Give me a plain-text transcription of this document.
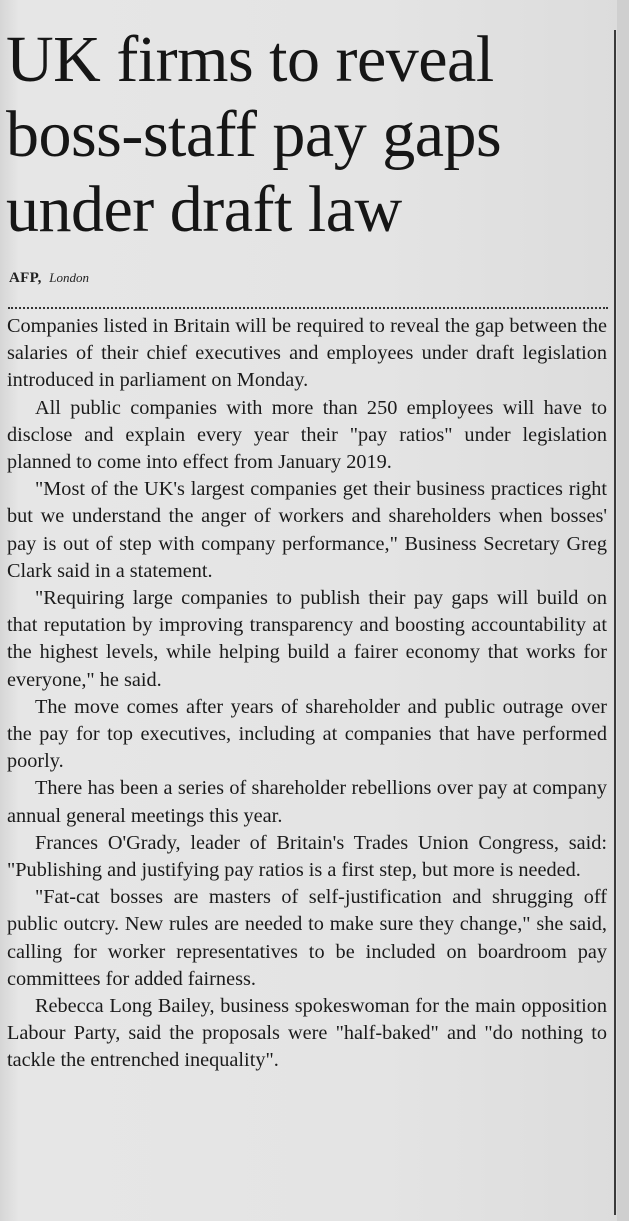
UK firms to reveal boss-staff pay gaps under draft law
AFP, London

Companies listed in Britain will be required to reveal the gap between the salaries of their chief executives and employees under draft legislation introduced in parliament on Monday.

All public companies with more than 250 employees will have to disclose and explain every year their "pay ratios" under legislation planned to come into effect from January 2019.

"Most of the UK's largest companies get their business practices right but we understand the anger of workers and shareholders when bosses' pay is out of step with company performance," Business Secretary Greg Clark said in a statement.

"Requiring large companies to publish their pay gaps will build on that reputation by improving transparency and boosting accountability at the highest levels, while helping build a fairer economy that works for everyone," he said.

The move comes after years of shareholder and public outrage over the pay for top executives, including at companies that have performed poorly.

There has been a series of shareholder rebellions over pay at company annual general meetings this year.

Frances O'Grady, leader of Britain's Trades Union Congress, said: "Publishing and justifying pay ratios is a first step, but more is needed.

"Fat-cat bosses are masters of self-justification and shrugging off public outcry. New rules are needed to make sure they change," she said, calling for worker representatives to be included on boardroom pay committees for added fairness.

Rebecca Long Bailey, business spokeswoman for the main opposition Labour Party, said the proposals were "half-baked" and "do nothing to tackle the entrenched inequality".
